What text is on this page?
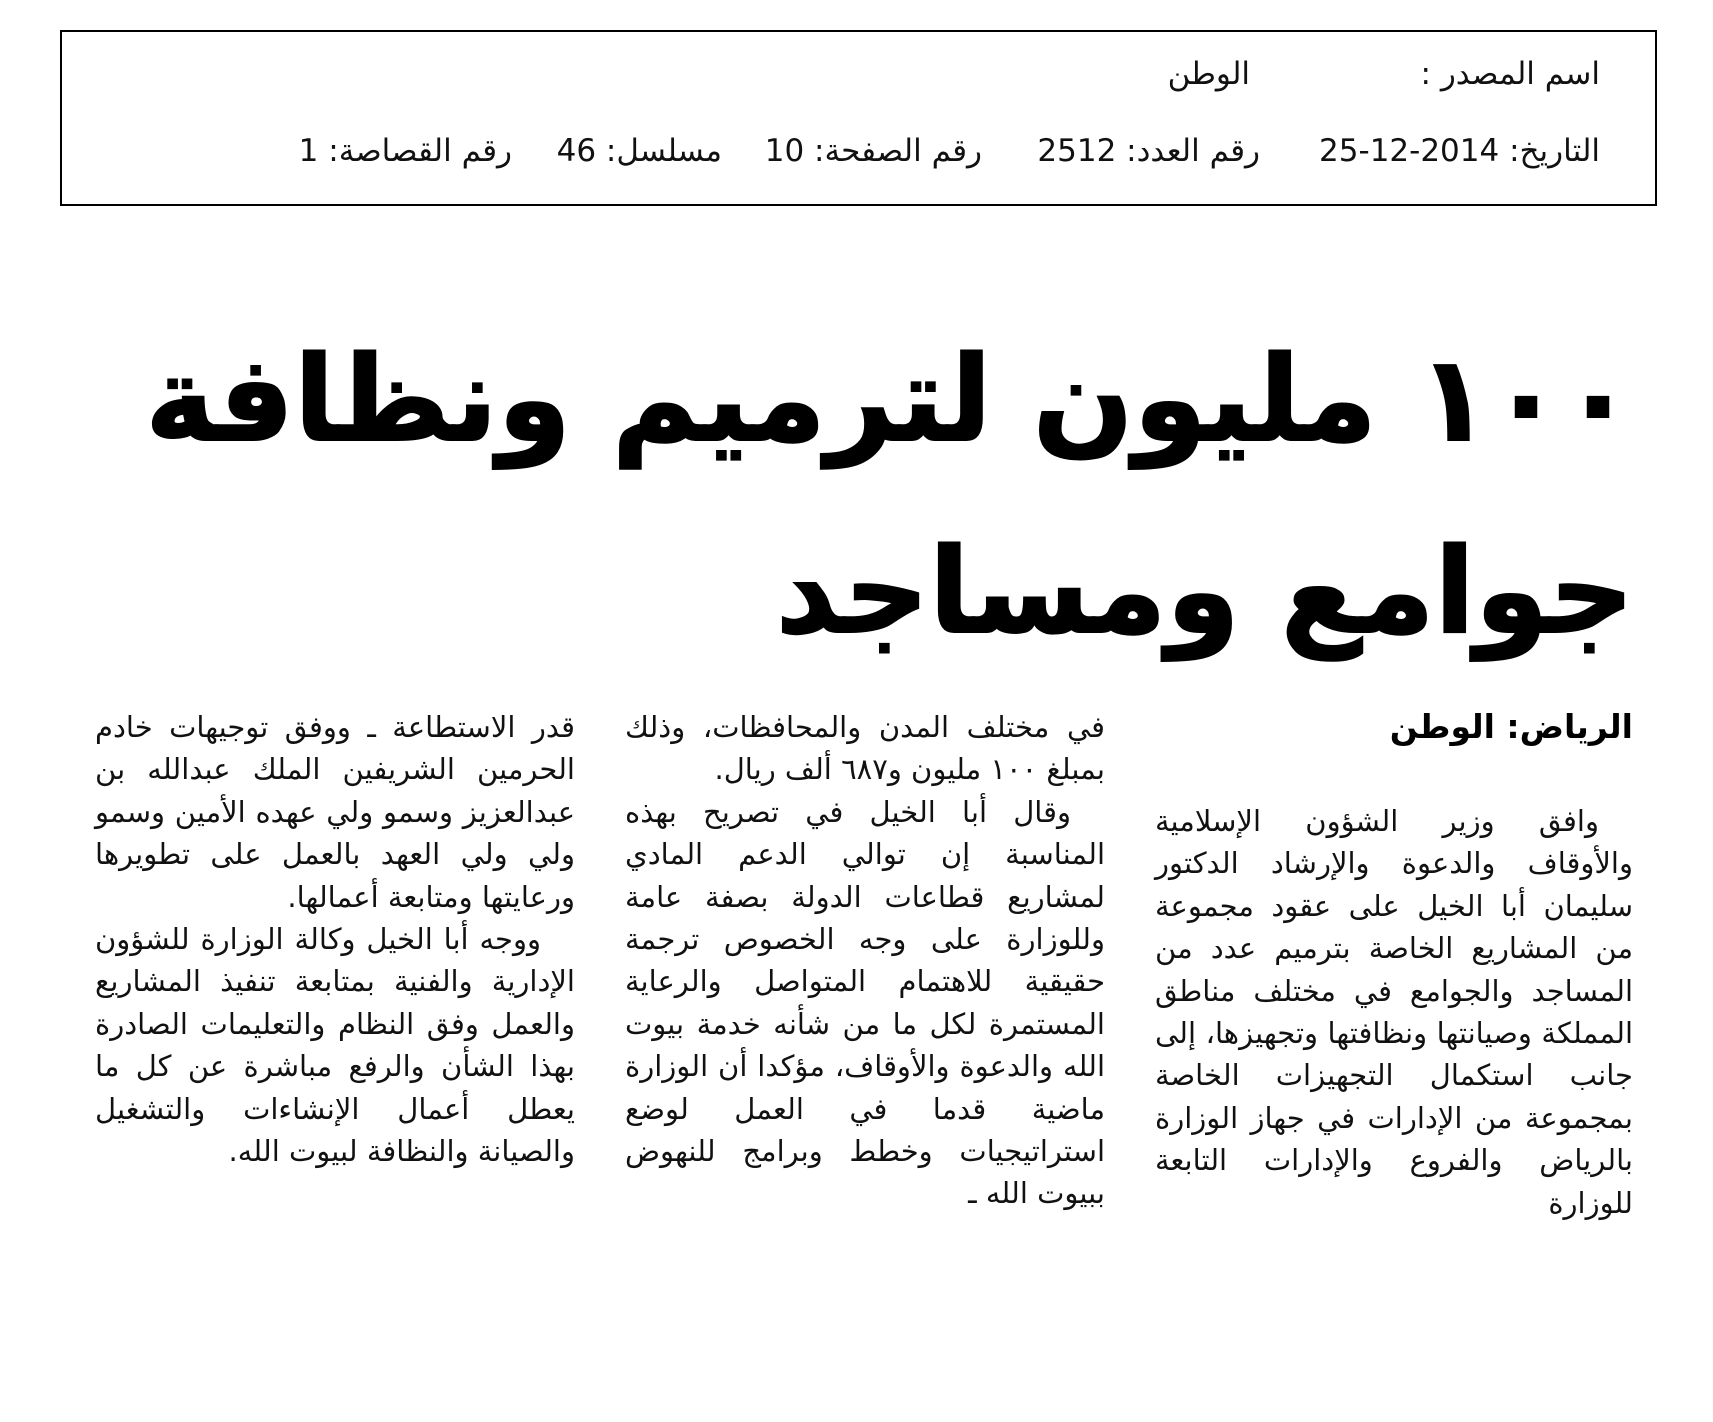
اسم المصدر :
الوطن
التاريخ: 2014-12-25
رقم العدد: 2512
رقم الصفحة: 10
مسلسل: 46
رقم القصاصة: 1
١٠٠ مليون لترميم ونظافة
جوامع ومساجد
الرياض: الوطن

وافق وزير الشؤون الإسلامية والأوقاف والدعوة والإرشاد الدكتور سليمان أبا الخيل على عقود مجموعة من المشاريع الخاصة بترميم عدد من المساجد والجوامع في مختلف مناطق المملكة وصيانتها ونظافتها وتجهيزها، إلى جانب استكمال التجهيزات الخاصة بمجموعة من الإدارات في جهاز الوزارة بالرياض والفروع والإدارات التابعة للوزارة

في مختلف المدن والمحافظات، وذلك بمبلغ ١٠٠ مليون و٦٨٧ ألف ريال.

وقال أبا الخيل في تصريح بهذه المناسبة إن توالي الدعم المادي لمشاريع قطاعات الدولة بصفة عامة وللوزارة على وجه الخصوص ترجمة حقيقية للاهتمام المتواصل والرعاية المستمرة لكل ما من شأنه خدمة بيوت الله والدعوة والأوقاف، مؤكدا أن الوزارة ماضية قدما في العمل لوضع استراتيجيات وخطط وبرامج للنهوض ببيوت الله ـ

قدر الاستطاعة ـ ووفق توجيهات خادم الحرمين الشريفين الملك عبدالله بن عبدالعزيز وسمو ولي عهده الأمين وسمو ولي ولي العهد بالعمل على تطويرها ورعايتها ومتابعة أعمالها.

ووجه أبا الخيل وكالة الوزارة للشؤون الإدارية والفنية بمتابعة تنفيذ المشاريع والعمل وفق النظام والتعليمات الصادرة بهذا الشأن والرفع مباشرة عن كل ما يعطل أعمال الإنشاءات والتشغيل والصيانة والنظافة لبيوت الله.
